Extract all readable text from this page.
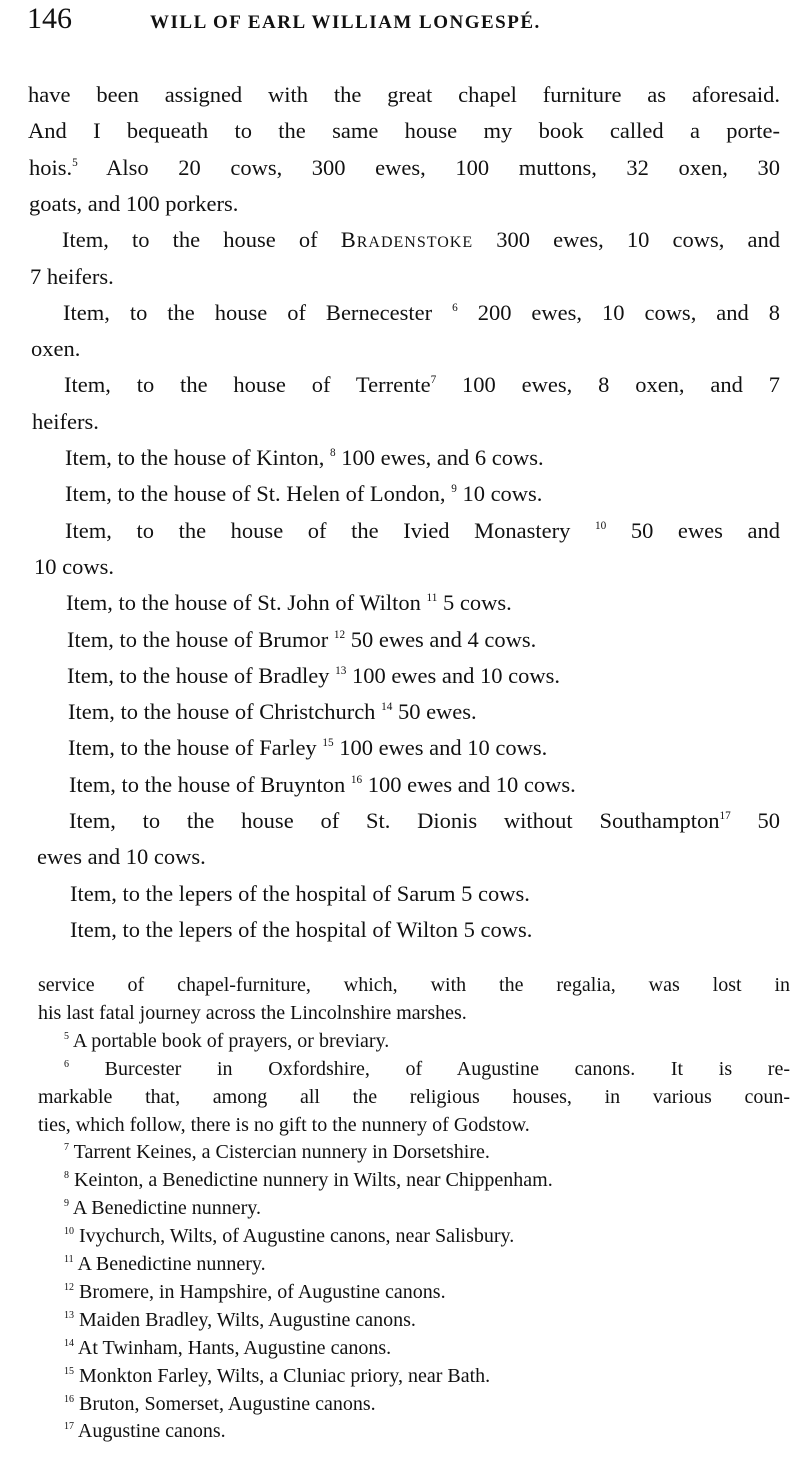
146	WILL OF EARL WILLIAM LONGESPÉ.
have been assigned with the great chapel furniture as aforesaid.
And I bequeath to the same house my book called a porte-
hois.$^5$ Also 20 cows, 300 ewes, 100 muttons, 32 oxen, 30
goats, and 100 porkers.
Item, to the house of Bradenstoke 300 ewes, 10 cows, and
7 heifers.
Item, to the house of Bernecester $^6$ 200 ewes, 10 cows, and 8
oxen.
Item, to the house of Terrente$^7$ 100 ewes, 8 oxen, and 7
heifers.
Item, to the house of Kinton, $^8$ 100 ewes, and 6 cows.
Item, to the house of St. Helen of London, $^9$ 10 cows.
Item, to the house of the Ivied Monastery $^{10}$ 50 ewes and
10 cows.
Item, to the house of St. John of Wilton $^{11}$ 5 cows.
Item, to the house of Brumor $^{12}$ 50 ewes and 4 cows.
Item, to the house of Bradley $^{13}$ 100 ewes and 10 cows.
Item, to the house of Christchurch $^{14}$ 50 ewes.
Item, to the house of Farley $^{15}$ 100 ewes and 10 cows.
Item, to the house of Bruynton $^{16}$ 100 ewes and 10 cows.
Item, to the house of St. Dionis without Southampton$^{17}$ 50
ewes and 10 cows.
Item, to the lepers of the hospital of Sarum 5 cows.
Item, to the lepers of the hospital of Wilton 5 cows.
service of chapel-furniture, which, with the regalia, was lost in
his last fatal journey across the Lincolnshire marshes.
$^5$ A portable book of prayers, or breviary.
$^6$ Burcester in Oxfordshire, of Augustine canons. It is re-
markable that, among all the religious houses, in various coun-
ties, which follow, there is no gift to the nunnery of Godstow.
$^7$ Tarrent Keines, a Cistercian nunnery in Dorsetshire.
$^8$ Keinton, a Benedictine nunnery in Wilts, near Chippenham.
$^9$ A Benedictine nunnery.
$^{10}$ Ivychurch, Wilts, of Augustine canons, near Salisbury.
$^{11}$ A Benedictine nunnery.
$^{12}$ Bromere, in Hampshire, of Augustine canons.
$^{13}$ Maiden Bradley, Wilts, Augustine canons.
$^{14}$ At Twinham, Hants, Augustine canons.
$^{15}$ Monkton Farley, Wilts, a Cluniac priory, near Bath.
$^{16}$ Bruton, Somerset, Augustine canons.
$^{17}$ Augustine canons.
